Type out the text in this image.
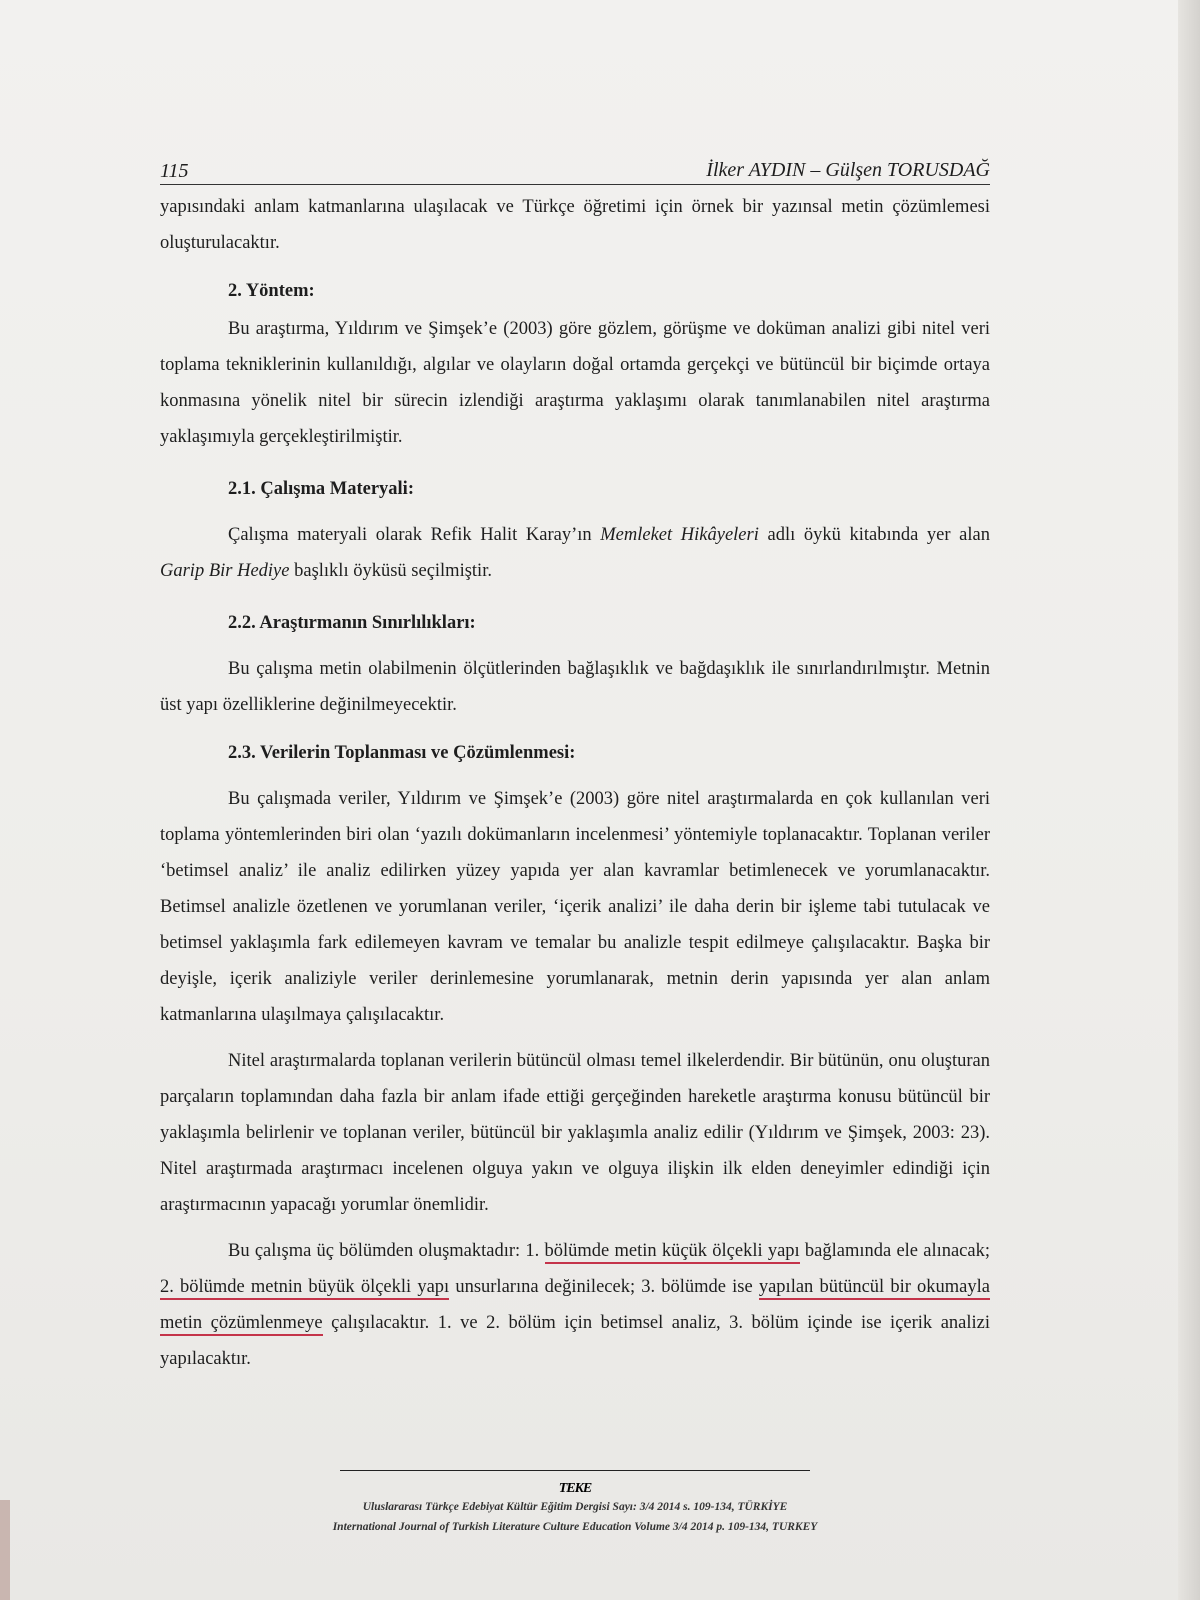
115	İlker AYDIN – Gülşen TORUSDAĞ

yapısındaki anlam katmanlarına ulaşılacak ve Türkçe öğretimi için örnek bir yazınsal metin çözümlemesi oluşturulacaktır.

2. Yöntem:

Bu araştırma, Yıldırım ve Şimşek’e (2003) göre gözlem, görüşme ve doküman analizi gibi nitel veri toplama tekniklerinin kullanıldığı, algılar ve olayların doğal ortamda gerçekçi ve bütüncül bir biçimde ortaya konmasına yönelik nitel bir sürecin izlendiği araştırma yaklaşımı olarak tanımlanabilen nitel araştırma yaklaşımıyla gerçekleştirilmiştir.

2.1. Çalışma Materyali:

Çalışma materyali olarak Refik Halit Karay’ın Memleket Hikâyeleri adlı öykü kitabında yer alan Garip Bir Hediye başlıklı öyküsü seçilmiştir.

2.2. Araştırmanın Sınırlılıkları:

Bu çalışma metin olabilmenin ölçütlerinden bağlaşıklık ve bağdaşıklık ile sınırlandırılmıştır. Metnin üst yapı özelliklerine değinilmeyecektir.

2.3. Verilerin Toplanması ve Çözümlenmesi:

Bu çalışmada veriler, Yıldırım ve Şimşek’e (2003) göre nitel araştırmalarda en çok kullanılan veri toplama yöntemlerinden biri olan ‘yazılı dokümanların incelenmesi’ yöntemiyle toplanacaktır. Toplanan veriler ‘betimsel analiz’ ile analiz edilirken yüzey yapıda yer alan kavramlar betimlenecek ve yorumlanacaktır. Betimsel analizle özetlenen ve yorumlanan veriler, ‘içerik analizi’ ile daha derin bir işleme tabi tutulacak ve betimsel yaklaşımla fark edilemeyen kavram ve temalar bu analizle tespit edilmeye çalışılacaktır. Başka bir deyişle, içerik analiziyle veriler derinlemesine yorumlanarak, metnin derin yapısında yer alan anlam katmanlarına ulaşılmaya çalışılacaktır.

Nitel araştırmalarda toplanan verilerin bütüncül olması temel ilkelerdendir. Bir bütünün, onu oluşturan parçaların toplamından daha fazla bir anlam ifade ettiği gerçeğinden hareketle araştırma konusu bütüncül bir yaklaşımla belirlenir ve toplanan veriler, bütüncül bir yaklaşımla analiz edilir (Yıldırım ve Şimşek, 2003: 23). Nitel araştırmada araştırmacı incelenen olguya yakın ve olguya ilişkin ilk elden deneyimler edindiği için araştırmacının yapacağı yorumlar önemlidir.

Bu çalışma üç bölümden oluşmaktadır: 1. bölümde metin küçük ölçekli yapı bağlamında ele alınacak; 2. bölümde metnin büyük ölçekli yapı unsurlarına değinilecek; 3. bölümde ise yapılan bütüncül bir okumayla metin çözümlenmeye çalışılacaktır. 1. ve 2. bölüm için betimsel analiz, 3. bölüm içinde ise içerik analizi yapılacaktır.

TEKE
Uluslararası Türkçe Edebiyat Kültür Eğitim Dergisi Sayı: 3/4 2014 s. 109-134, TÜRKİYE
International Journal of Turkish Literature Culture Education Volume 3/4 2014 p. 109-134, TURKEY
